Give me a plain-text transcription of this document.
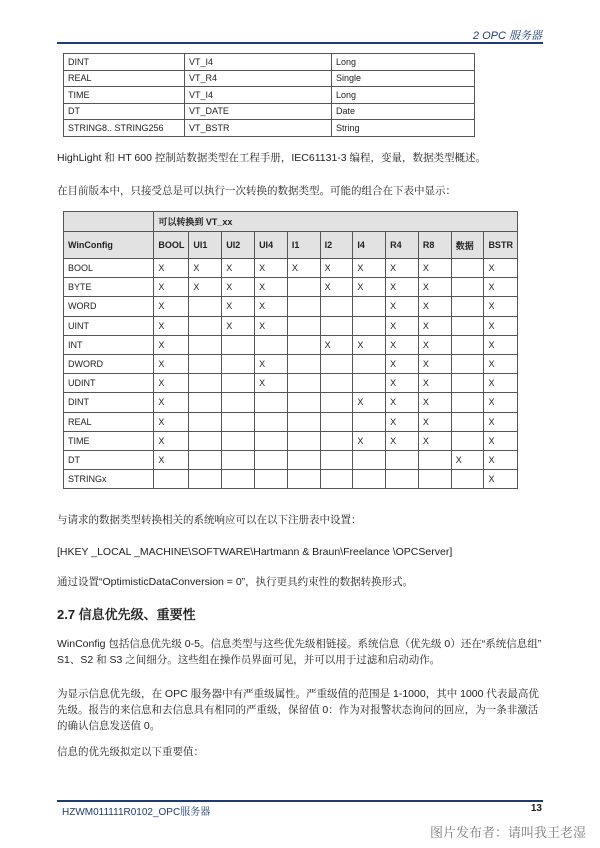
2 OPC 服务器
DINT	VT_I4	Long
REAL	VT_R4	Single
TIME	VT_I4	Long
DT	VT_DATE	Date
STRING8.. STRING256	VT_BSTR	String

HighLight 和 HT 600 控制站数据类型在工程手册，IEC61131-3 编程，变量，数据类型概述。

在目前版本中，只接受总是可以执行一次转换的数据类型。可能的组合在下表中显示：

	可以转换到 VT_xx										
WinConfig	BOOL	UI1	UI2	UI4	I1	I2	I4	R4	R8	数据	BSTR
BOOL	X	X	X	X	X	X	X	X	X		X
BYTE	X	X	X	X		X	X	X	X		X
WORD	X		X	X				X	X		X
UINT	X		X	X				X	X		X
INT	X					X	X	X	X		X
DWORD	X			X				X	X		X
UDINT	X			X				X	X		X
DINT	X						X	X	X		X
REAL	X							X	X		X
TIME	X						X	X	X		X
DT	X									X	X
STRINGx											X

与请求的数据类型转换相关的系统响应可以在以下注册表中设置：

[HKEY _LOCAL _MACHINE\SOFTWARE\Hartmann & Braun\Freelance \OPCServer]

通过设置“OptimisticDataConversion = 0”，执行更具约束性的数据转换形式。

2.7 信息优先级、重要性

WinConfig 包括信息优先级 0-5。信息类型与这些优先级相链接。系统信息（优先级 0）还在“系统信息组” S1、S2 和 S3 之间细分。这些组在操作员界面可见，并可以用于过滤和启动动作。

为显示信息优先级，在 OPC 服务器中有严重级属性。严重级值的范围是 1-1000，其中 1000 代表最高优先级。报告的来信息和去信息具有相同的严重级，保留值 0：作为对报警状态询问的回应，为一条非激活的确认信息发送值 0。

信息的优先级拟定以下重要值：

HZWM011111R0102_OPC服务器	13
图片发布者：请叫我王老湿
